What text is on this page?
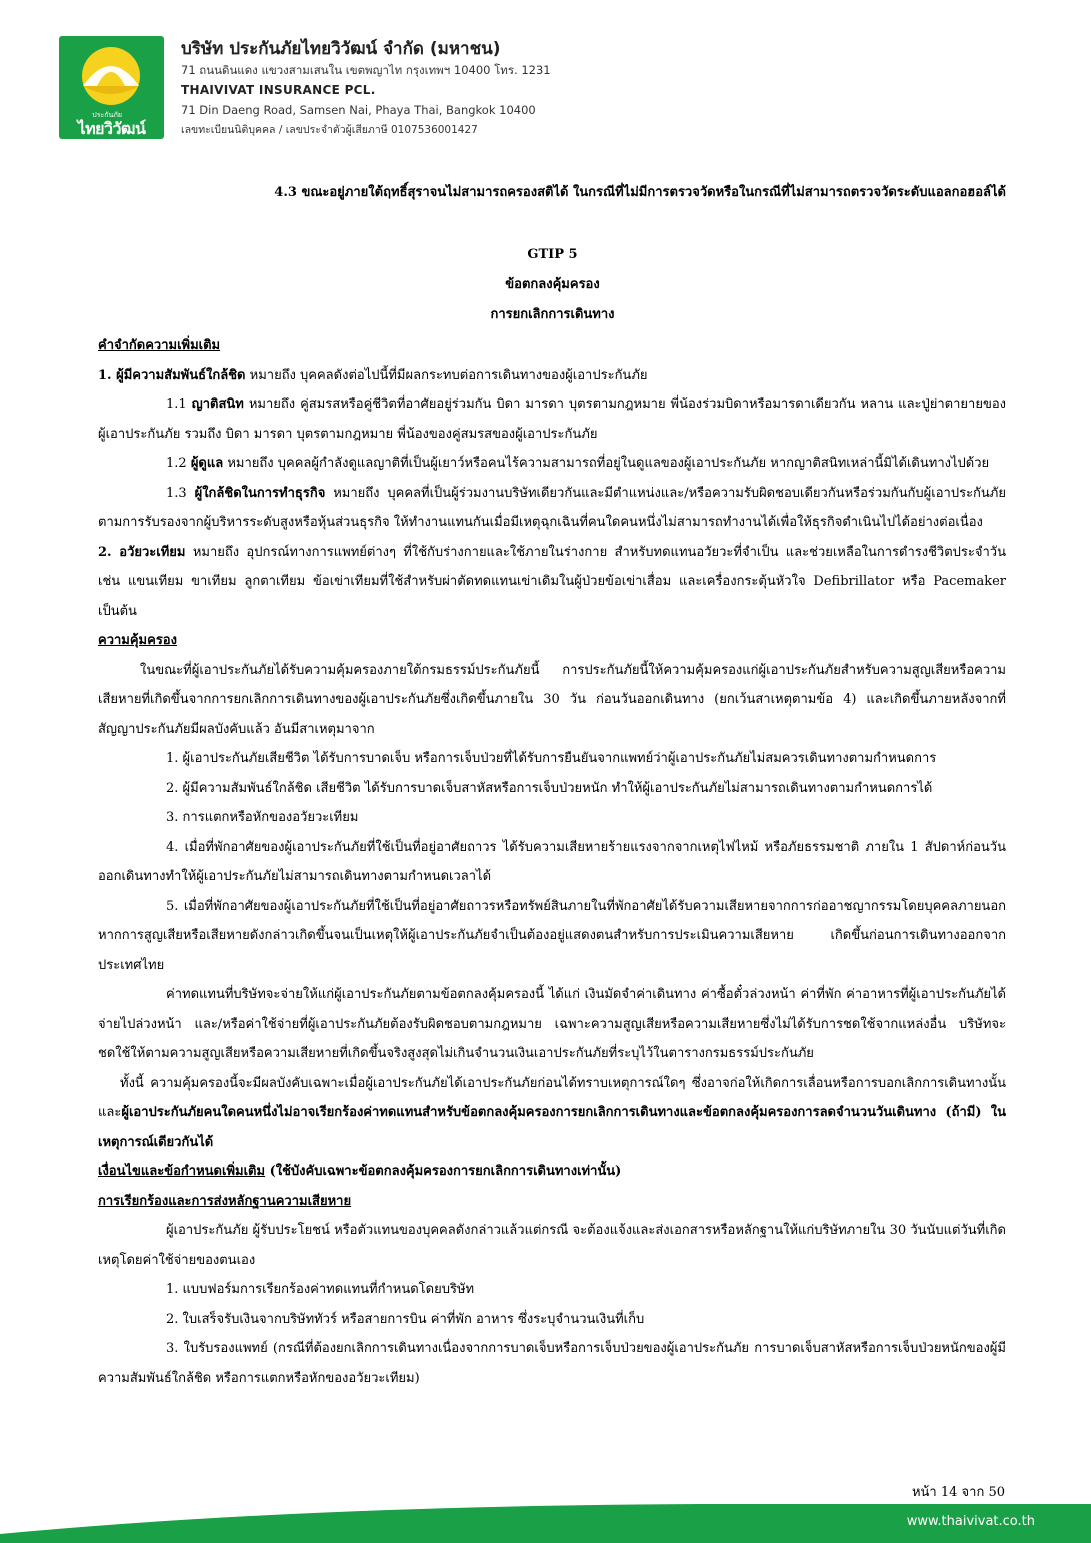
ประกันภัย
ไทยวิวัฒน์
บริษัท ประกันภัยไทยวิวัฒน์ จำกัด (มหาชน)
71 ถนนดินแดง แขวงสามเสนใน เขตพญาไท กรุงเทพฯ 10400 โทร. 1231
THAIVIVAT INSURANCE PCL.
71 Din Daeng Road, Samsen Nai, Phaya Thai, Bangkok 10400
เลขทะเบียนนิติบุคคล / เลขประจำตัวผู้เสียภาษี 0107536001427
4.3 ขณะอยู่ภายใต้ฤทธิ์สุราจนไม่สามารถครองสติได้ ในกรณีที่ไม่มีการตรวจวัดหรือในกรณีที่ไม่สามารถตรวจวัดระดับแอลกอฮอล์ได้
GTIP 5
ข้อตกลงคุ้มครอง
การยกเลิกการเดินทาง

คำจำกัดความเพิ่มเติม

1. ผู้มีความสัมพันธ์ใกล้ชิด หมายถึง บุคคลดังต่อไปนี้ที่มีผลกระทบต่อการเดินทางของผู้เอาประกันภัย

1.1 ญาติสนิท หมายถึง คู่สมรสหรือคู่ชีวิตที่อาศัยอยู่ร่วมกัน บิดา มารดา บุตรตามกฎหมาย พี่น้องร่วมบิดาหรือมารดาเดียวกัน หลาน และปู่ย่าตายายของผู้เอาประกันภัย รวมถึง บิดา มารดา บุตรตามกฎหมาย พี่น้องของคู่สมรสของผู้เอาประกันภัย

1.2 ผู้ดูแล หมายถึง บุคคลผู้กำลังดูแลญาติที่เป็นผู้เยาว์หรือคนไร้ความสามารถที่อยู่ในดูแลของผู้เอาประกันภัย หากญาติสนิทเหล่านี้มิได้เดินทางไปด้วย

1.3 ผู้ใกล้ชิดในการทำธุรกิจ หมายถึง บุคคลที่เป็นผู้ร่วมงานบริษัทเดียวกันและมีตำแหน่งและ/หรือความรับผิดชอบเดียวกันหรือร่วมกันกับผู้เอาประกันภัยตามการรับรองจากผู้บริหารระดับสูงหรือหุ้นส่วนธุรกิจ ให้ทำงานแทนกันเมื่อมีเหตุฉุกเฉินที่คนใดคนหนึ่งไม่สามารถทำงานได้เพื่อให้ธุรกิจดำเนินไปได้อย่างต่อเนื่อง

2. อวัยวะเทียม หมายถึง อุปกรณ์ทางการแพทย์ต่างๆ ที่ใช้กับร่างกายและใช้ภายในร่างกาย สำหรับทดแทนอวัยวะที่จำเป็น และช่วยเหลือในการดำรงชีวิตประจำวัน เช่น แขนเทียม ขาเทียม ลูกตาเทียม ข้อเข่าเทียมที่ใช้สำหรับผ่าตัดทดแทนเข่าเดิมในผู้ป่วยข้อเข่าเสื่อม และเครื่องกระตุ้นหัวใจ Defibrillator หรือ Pacemaker เป็นต้น

ความคุ้มครอง

ในขณะที่ผู้เอาประกันภัยได้รับความคุ้มครองภายใต้กรมธรรม์ประกันภัยนี้ การประกันภัยนี้ให้ความคุ้มครองแก่ผู้เอาประกันภัยสำหรับความสูญเสียหรือความเสียหายที่เกิดขึ้นจากการยกเลิกการเดินทางของผู้เอาประกันภัยซึ่งเกิดขึ้นภายใน 30 วัน ก่อนวันออกเดินทาง (ยกเว้นสาเหตุตามข้อ 4) และเกิดขึ้นภายหลังจากที่สัญญาประกันภัยมีผลบังคับแล้ว อันมีสาเหตุมาจาก

1. ผู้เอาประกันภัยเสียชีวิต ได้รับการบาดเจ็บ หรือการเจ็บป่วยที่ได้รับการยืนยันจากแพทย์ว่าผู้เอาประกันภัยไม่สมควรเดินทางตามกำหนดการ

2. ผู้มีความสัมพันธ์ใกล้ชิด เสียชีวิต ได้รับการบาดเจ็บสาหัสหรือการเจ็บป่วยหนัก ทำให้ผู้เอาประกันภัยไม่สามารถเดินทางตามกำหนดการได้

3. การแตกหรือหักของอวัยวะเทียม

4. เมื่อที่พักอาศัยของผู้เอาประกันภัยที่ใช้เป็นที่อยู่อาศัยถาวร ได้รับความเสียหายร้ายแรงจากจากเหตุไฟไหม้ หรือภัยธรรมชาติ ภายใน 1 สัปดาห์ก่อนวันออกเดินทางทำให้ผู้เอาประกันภัยไม่สามารถเดินทางตามกำหนดเวลาได้

5. เมื่อที่พักอาศัยของผู้เอาประกันภัยที่ใช้เป็นที่อยู่อาศัยถาวรหรือทรัพย์สินภายในที่พักอาศัยได้รับความเสียหายจากการก่ออาชญากรรมโดยบุคคลภายนอก หากการสูญเสียหรือเสียหายดังกล่าวเกิดขึ้นจนเป็นเหตุให้ผู้เอาประกันภัยจำเป็นต้องอยู่แสดงตนสำหรับการประเมินความเสียหาย เกิดขึ้นก่อนการเดินทางออกจากประเทศไทย

ค่าทดแทนที่บริษัทจะจ่ายให้แก่ผู้เอาประกันภัยตามข้อตกลงคุ้มครองนี้ ได้แก่ เงินมัดจำค่าเดินทาง ค่าซื้อตั๋วล่วงหน้า ค่าที่พัก ค่าอาหารที่ผู้เอาประกันภัยได้จ่ายไปล่วงหน้า และ/หรือค่าใช้จ่ายที่ผู้เอาประกันภัยต้องรับผิดชอบตามกฎหมาย เฉพาะความสูญเสียหรือความเสียหายซึ่งไม่ได้รับการชดใช้จากแหล่งอื่น บริษัทจะชดใช้ให้ตามความสูญเสียหรือความเสียหายที่เกิดขึ้นจริงสูงสุดไม่เกินจำนวนเงินเอาประกันภัยที่ระบุไว้ในตารางกรมธรรม์ประกันภัย

ทั้งนี้ ความคุ้มครองนี้จะมีผลบังคับเฉพาะเมื่อผู้เอาประกันภัยได้เอาประกันภัยก่อนได้ทราบเหตุการณ์ใดๆ ซึ่งอาจก่อให้เกิดการเลื่อนหรือการบอกเลิกการเดินทางนั้นและผู้เอาประกันภัยคนใดคนหนึ่งไม่อาจเรียกร้องค่าทดแทนสำหรับข้อตกลงคุ้มครองการยกเลิกการเดินทางและข้อตกลงคุ้มครองการลดจำนวนวันเดินทาง (ถ้ามี) ในเหตุการณ์เดียวกันได้

เงื่อนไขและข้อกำหนดเพิ่มเติม (ใช้บังคับเฉพาะข้อตกลงคุ้มครองการยกเลิกการเดินทางเท่านั้น)

การเรียกร้องและการส่งหลักฐานความเสียหาย

ผู้เอาประกันภัย ผู้รับประโยชน์ หรือตัวแทนของบุคคลดังกล่าวแล้วแต่กรณี จะต้องแจ้งและส่งเอกสารหรือหลักฐานให้แก่บริษัทภายใน 30 วันนับแต่วันที่เกิดเหตุโดยค่าใช้จ่ายของตนเอง

1. แบบฟอร์มการเรียกร้องค่าทดแทนที่กำหนดโดยบริษัท

2. ใบเสร็จรับเงินจากบริษัททัวร์ หรือสายการบิน ค่าที่พัก อาหาร ซึ่งระบุจำนวนเงินที่เก็บ

3. ใบรับรองแพทย์ (กรณีที่ต้องยกเลิกการเดินทางเนื่องจากการบาดเจ็บหรือการเจ็บป่วยของผู้เอาประกันภัย การบาดเจ็บสาหัสหรือการเจ็บป่วยหนักของผู้มีความสัมพันธ์ใกล้ชิด หรือการแตกหรือหักของอวัยวะเทียม)

หน้า 14 จาก 50
www.thaivivat.co.th
